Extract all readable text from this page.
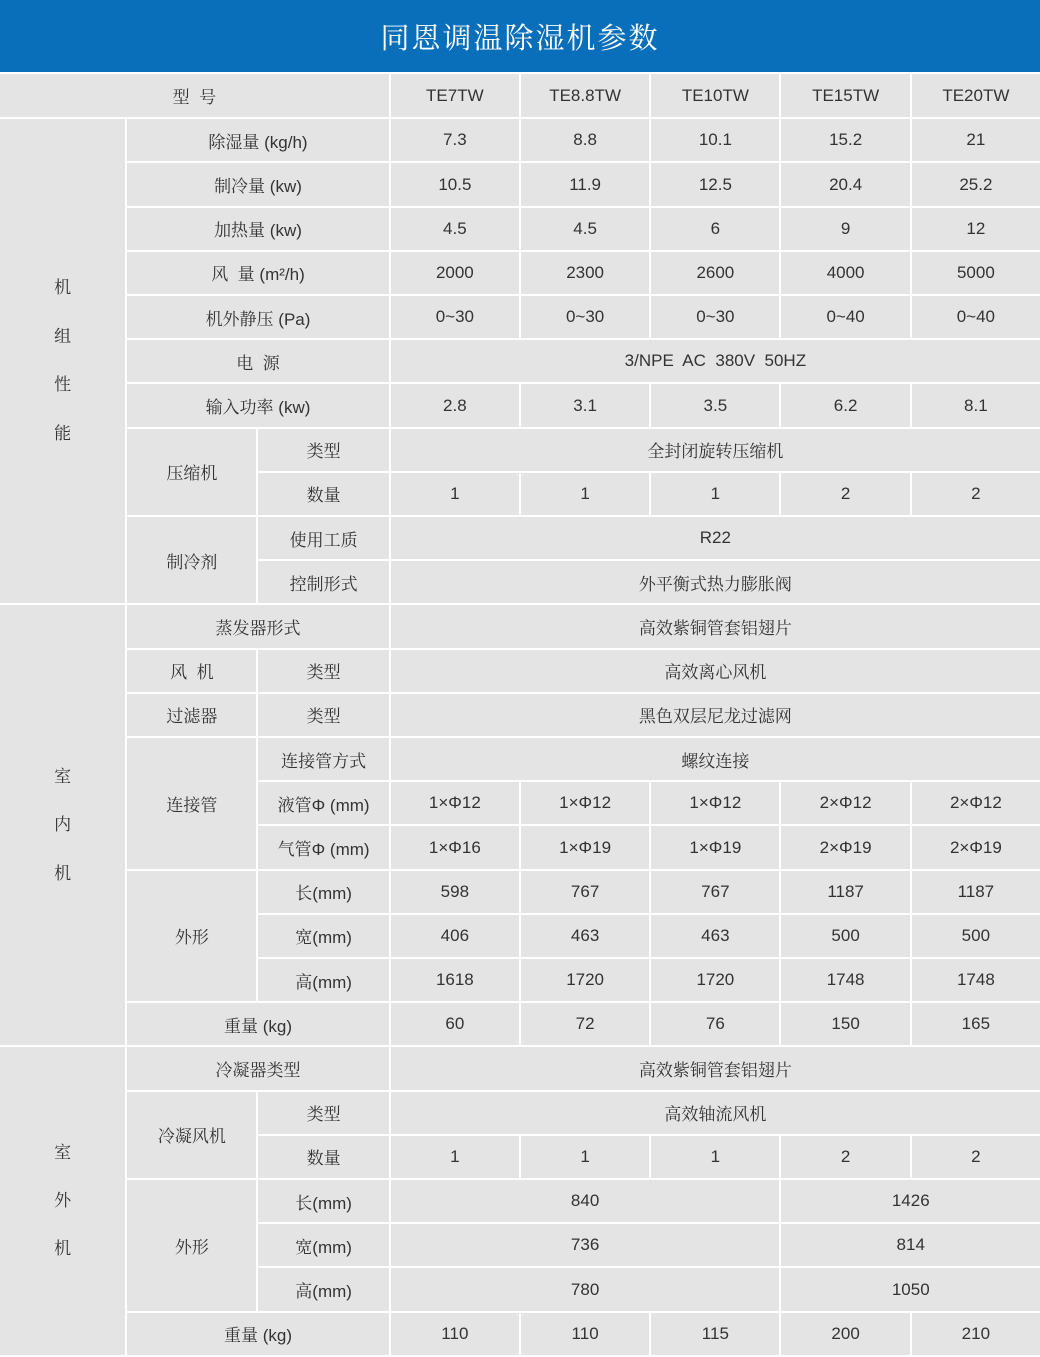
同恩调温除湿机参数
型  号			TE7TW	TE8.8TW	TE10TW	TE15TW	TE20TW
机
组
性
能	除湿量 (kg/h)		7.3	8.8	10.1	15.2	21
	制冷量 (kw)		10.5	11.9	12.5	20.4	25.2
	加热量 (kw)		4.5	4.5	6	9	12
	风  量 (m²/h)		2000	2300	2600	4000	5000
	机外静压 (Pa)		0~30	0~30	0~30	0~40	0~40
	电  源		3/NPE  AC  380V  50HZ				
	输入功率 (kw)		2.8	3.1	3.5	6.2	8.1
	压缩机	类型	全封闭旋转压缩机				
		数量	1	1	1	2	2
	制冷剂	使用工质	R22				
		控制形式	外平衡式热力膨胀阀				
室
内
机	蒸发器形式		高效紫铜管套铝翅片				
	风  机	类型	高效离心风机				
	过滤器	类型	黑色双层尼龙过滤网				
	连接管	连接管方式	螺纹连接				
		液管Φ (mm)	1×Φ12	1×Φ12	1×Φ12	2×Φ12	2×Φ12
		气管Φ (mm)	1×Φ16	1×Φ19	1×Φ19	2×Φ19	2×Φ19
	外形	长(mm)	598	767	767	1187	1187
		宽(mm)	406	463	463	500	500
		高(mm)	1618	1720	1720	1748	1748
	重量 (kg)		60	72	76	150	165
室
外
机	冷凝器类型		高效紫铜管套铝翅片				
	冷凝风机	类型	高效轴流风机				
		数量	1	1	1	2	2
	外形	长(mm)	840			1426	
		宽(mm)	736			814	
		高(mm)	780			1050	
	重量 (kg)		110	110	115	200	210
